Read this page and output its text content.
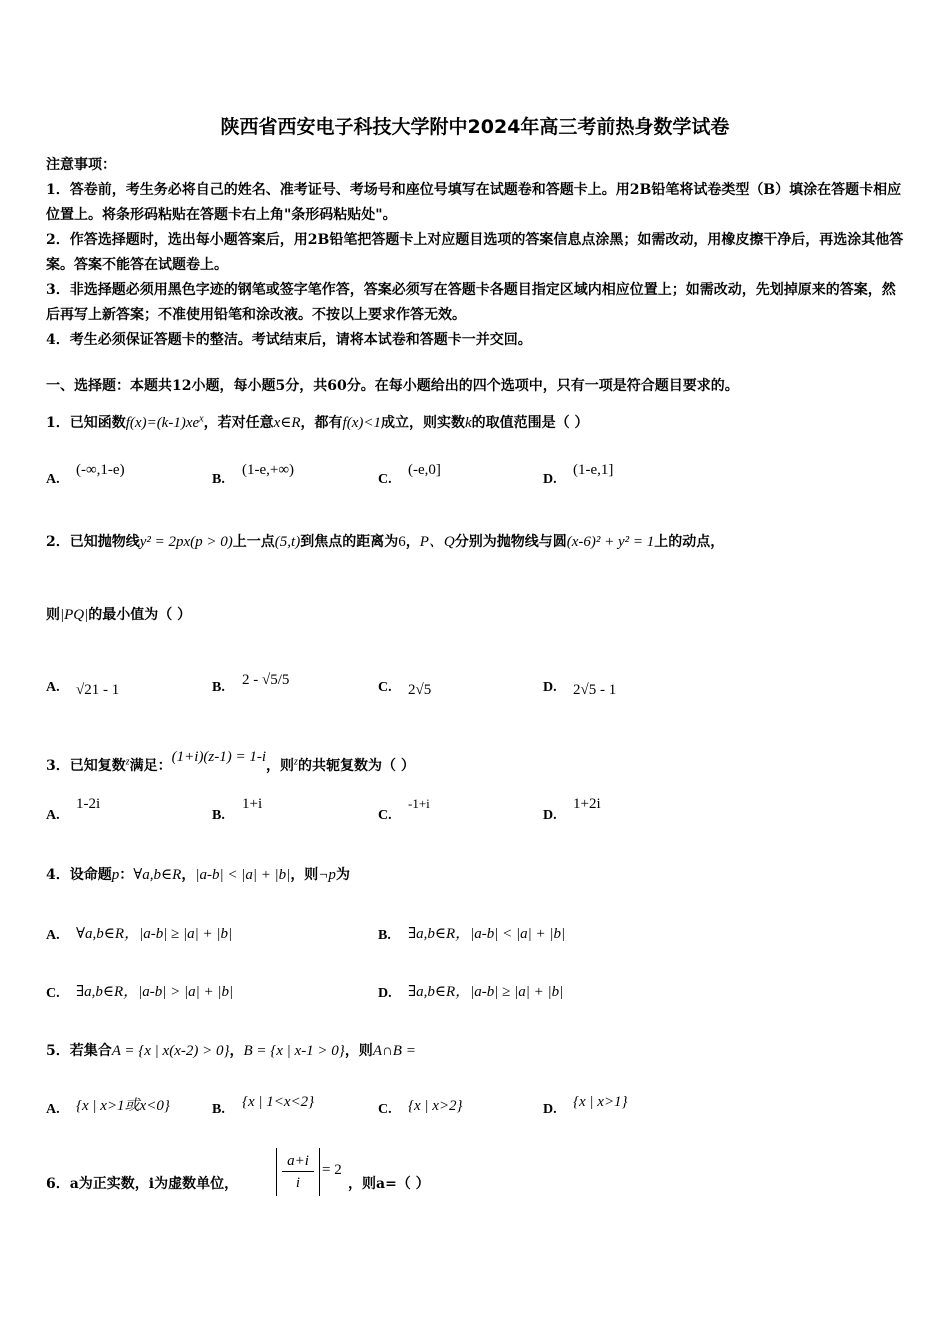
陕西省西安电子科技大学附中2024年高三考前热身数学试卷

注意事项：

1．答卷前，考生务必将自己的姓名、准考证号、考场号和座位号填写在试题卷和答题卡上。用2B铅笔将试卷类型（B）填涂在答题卡相应位置上。将条形码粘贴在答题卡右上角"条形码粘贴处"。

2．作答选择题时，选出每小题答案后，用2B铅笔把答题卡上对应题目选项的答案信息点涂黑；如需改动，用橡皮擦干净后，再选涂其他答案。答案不能答在试题卷上。

3．非选择题必须用黑色字迹的钢笔或签字笔作答，答案必须写在答题卡各题目指定区域内相应位置上；如需改动，先划掉原来的答案，然后再写上新答案；不准使用铅笔和涂改液。不按以上要求作答无效。

4．考生必须保证答题卡的整洁。考试结束后，请将本试卷和答题卡一并交回。

一、选择题：本题共12小题，每小题5分，共60分。在每小题给出的四个选项中，只有一项是符合题目要求的。
1．已知函数$f(x)=(k-1)xe^x$，若对任意x∈R，都有f(x)<1成立，则实数k的取值范围是（ ）
A.
(-∞,1-e)
B.
(1-e,+∞)
C.
(-e,0]
D.
(1-e,1]
2．已知抛物线y² = 2px(p > 0)上一点(5,t)到焦点的距离为6，P、Q分别为抛物线与圆(x-6)² + y² = 1上的动点，
则|PQ|的最小值为（ ）
A. √21 - 1	B. 2 - √5/5	C. 2√5	D. 2√5 - 1
3．已知复数$^z$满足：(1+i)(z-1) = 1-i，则$^z$的共轭复数为（ ）
A.
1-2i
B.
1+i
C.
-1+i
D.
1+2i
4．设命题p：∀a,b∈R，|a-b| < |a| + |b|，则¬p为
A. ∀a,b∈R，|a-b| ≥ |a| + |b|	B. ∃a,b∈R，|a-b| < |a| + |b|
C. ∃a,b∈R，|a-b| > |a| + |b|	D. ∃a,b∈R，|a-b| ≥ |a| + |b|
5．若集合A = {x | x(x-2) > 0}，B = {x | x-1 > 0}，则A∩B =
A. {x | x>1或x<0}	B. {x | 1<x<2}	C. {x | x>2}	D. {x | x>1}
6．a为正实数，i为虚数单位，	$\frac{a+i}{i} = 2$
，则a=（ ）
